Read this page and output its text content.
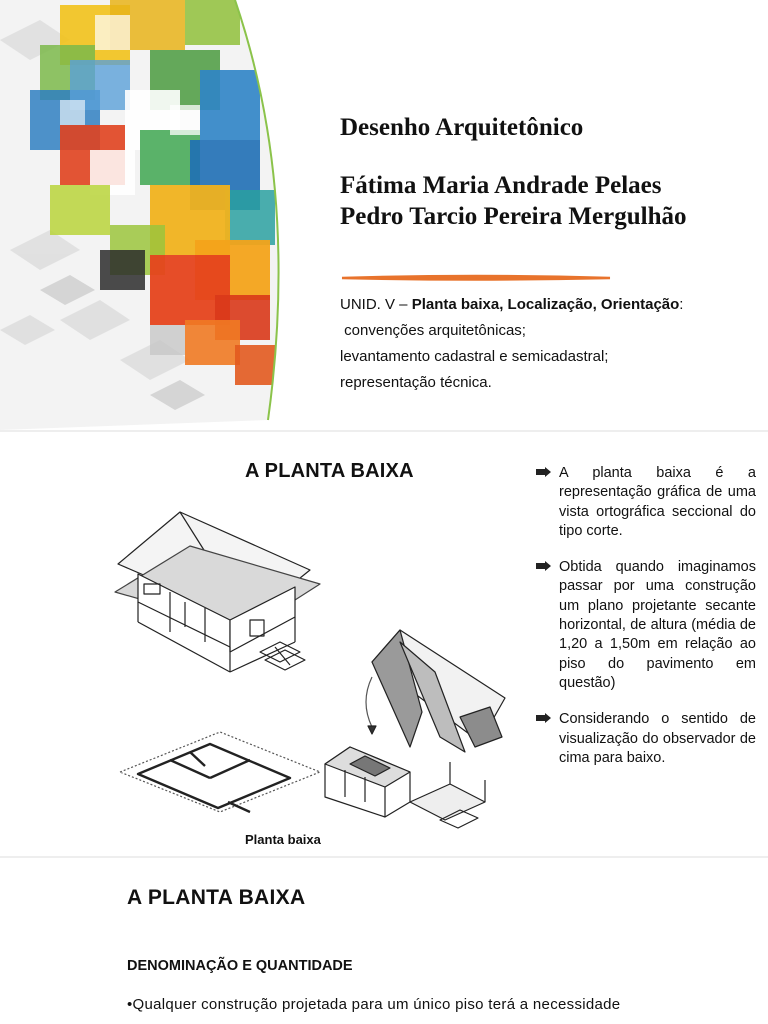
Desenho Arquitetônico
Fátima Maria Andrade Pelaes
Pedro Tarcio Pereira Mergulhão
UNID. V – Planta baixa, Localização, Orientação:
convenções arquitetônicas;
levantamento cadastral e semicadastral;
representação técnica.
A PLANTA BAIXA
Planta baixa
A planta baixa é a representação gráfica de uma vista ortográfica seccional do tipo corte.
Obtida quando imaginamos passar por uma construção um plano projetante secante horizontal, de altura (média de 1,20 a 1,50m em relação ao piso do pavimento em questão)
Considerando o sentido de visualização do observador de cima para baixo.
A PLANTA BAIXA
DENOMINAÇÃO E QUANTIDADE
•Qualquer construção projetada para um único piso terá a necessidade
